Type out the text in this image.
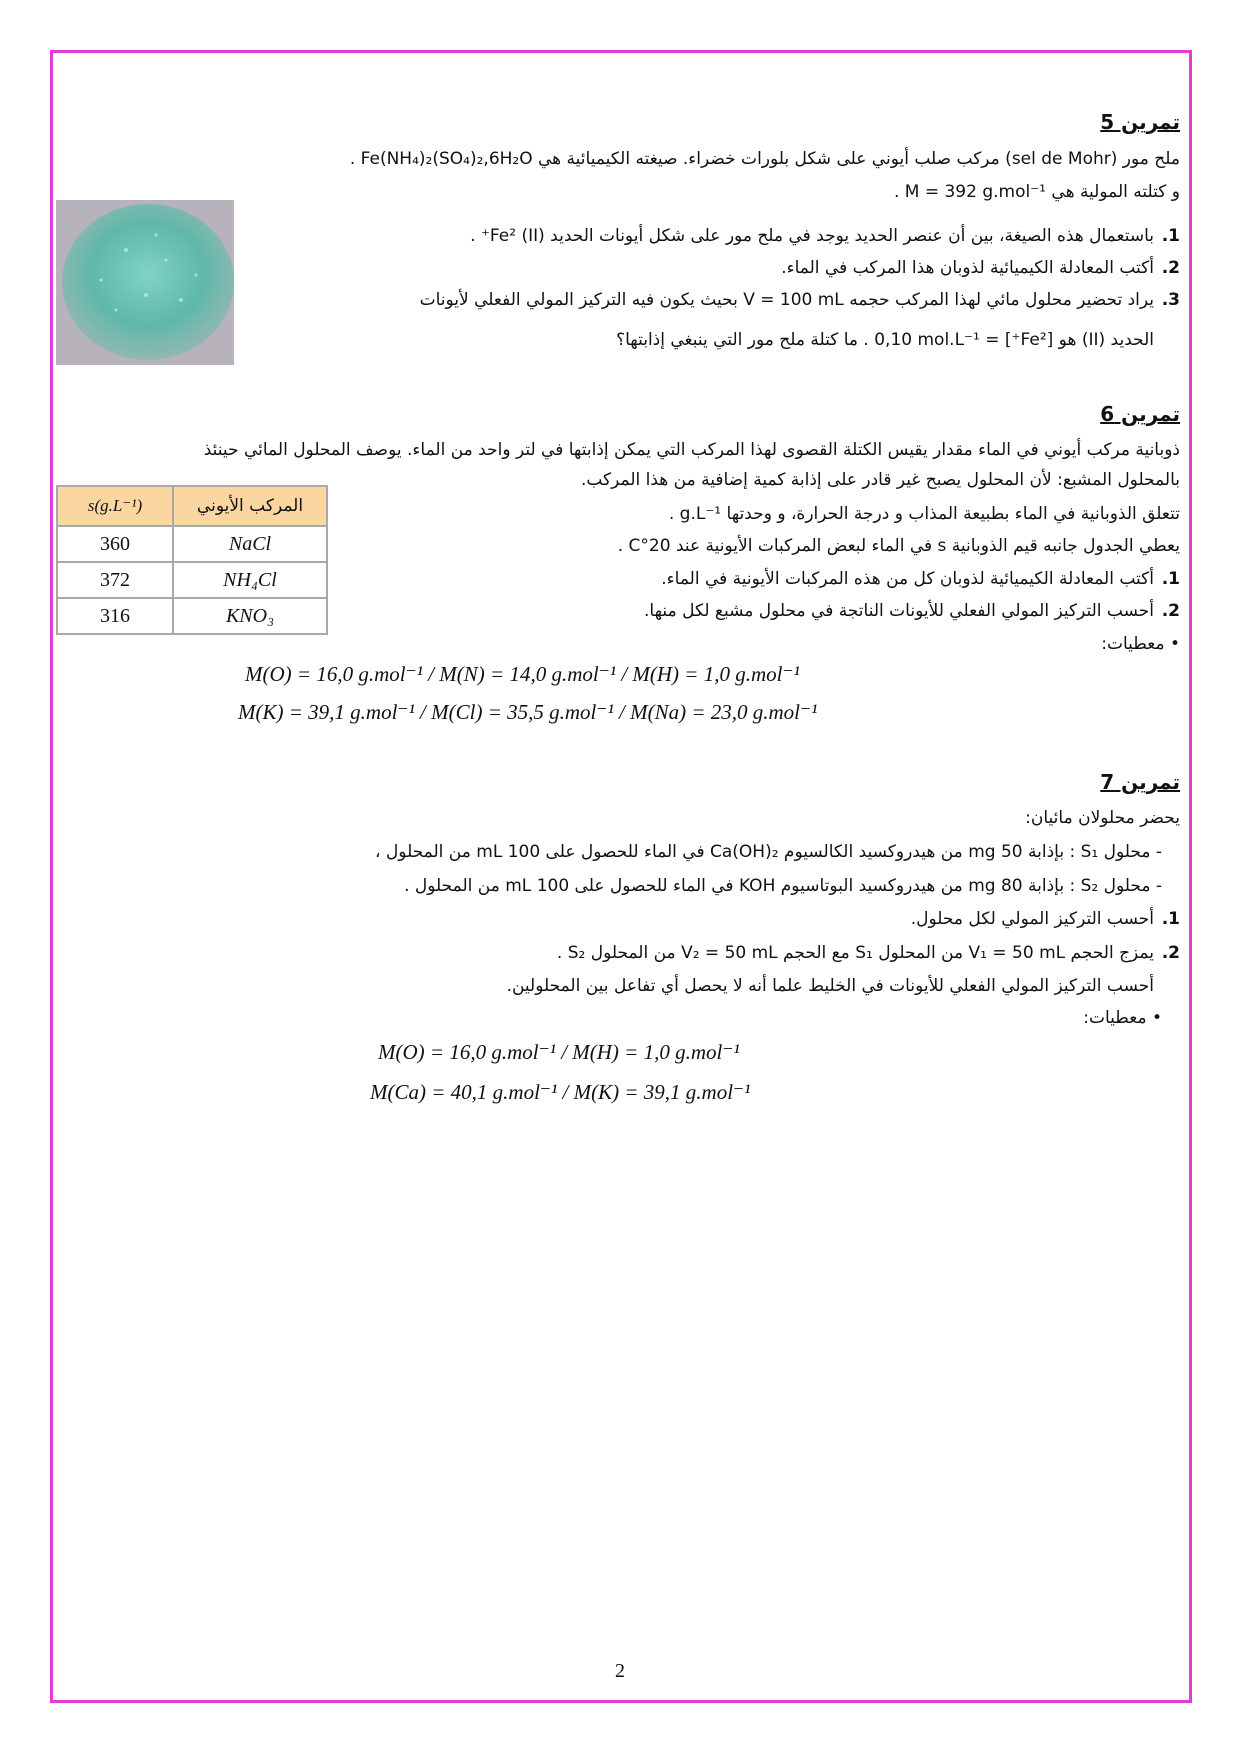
تمرين 5
ملح مور (sel de Mohr) مركب صلب أيوني على شكل بلورات خضراء. صيغته الكيميائية هي Fe(NH₄)₂(SO₄)₂,6H₂O .
و كتلته المولية هي M = 392 g.mol⁻¹ .
1.باستعمال هذه الصيغة، بين أن عنصر الحديد يوجد في ملح مور على شكل أيونات الحديد (II) Fe²⁺ .
2.أكتب المعادلة الكيميائية لذوبان هذا المركب في الماء.
3.يراد تحضير محلول مائي لهذا المركب حجمه V = 100 mL بحيث يكون فيه التركيز المولي الفعلي لأيونات
الحديد (II) هو [Fe²⁺] = 0,10 mol.L⁻¹ . ما كتلة ملح مور التي ينبغي إذابتها؟
تمرين 6
ذوبانية مركب أيوني في الماء مقدار يقيس الكتلة القصوى لهذا المركب التي يمكن إذابتها في لتر واحد من الماء. يوصف المحلول المائي حينئذ
بالمحلول المشبع: لأن المحلول يصبح غير قادر على إذابة كمية إضافية من هذا المركب.
تتعلق الذوبانية في الماء بطبيعة المذاب و درجة الحرارة، و وحدتها g.L⁻¹ .
يعطي الجدول جانبه قيم الذوبانية s في الماء لبعض المركبات الأيونية عند 20°C .
1.أكتب المعادلة الكيميائية لذوبان كل من هذه المركبات الأيونية في الماء.
2.أحسب التركيز المولي الفعلي للأيونات الناتجة في محلول مشبع لكل منها.
• معطيات:
المركب الأيوني	s(g.L⁻¹)
NaCl	360
NH₄Cl	372
KNO₃	316
M(O) = 16,0 g.mol⁻¹ / M(N) = 14,0 g.mol⁻¹ / M(H) = 1,0 g.mol⁻¹
M(K) = 39,1 g.mol⁻¹ / M(Cl) = 35,5 g.mol⁻¹ / M(Na) = 23,0 g.mol⁻¹
تمرين 7
يحضر محلولان مائيان:
- محلول S₁ : بإذابة 50 mg من هيدروكسيد الكالسيوم Ca(OH)₂ في الماء للحصول على 100 mL من المحلول ،
- محلول S₂ : بإذابة 80 mg من هيدروكسيد البوتاسيوم KOH في الماء للحصول على 100 mL من المحلول .
1.أحسب التركيز المولي لكل محلول.
2.يمزج الحجم V₁ = 50 mL من المحلول S₁ مع الحجم V₂ = 50 mL من المحلول S₂ .
أحسب التركيز المولي الفعلي للأيونات في الخليط علما أنه لا يحصل أي تفاعل بين المحلولين.
• معطيات:
M(O) = 16,0 g.mol⁻¹ / M(H) = 1,0 g.mol⁻¹
M(Ca) = 40,1 g.mol⁻¹ / M(K) = 39,1 g.mol⁻¹
2
